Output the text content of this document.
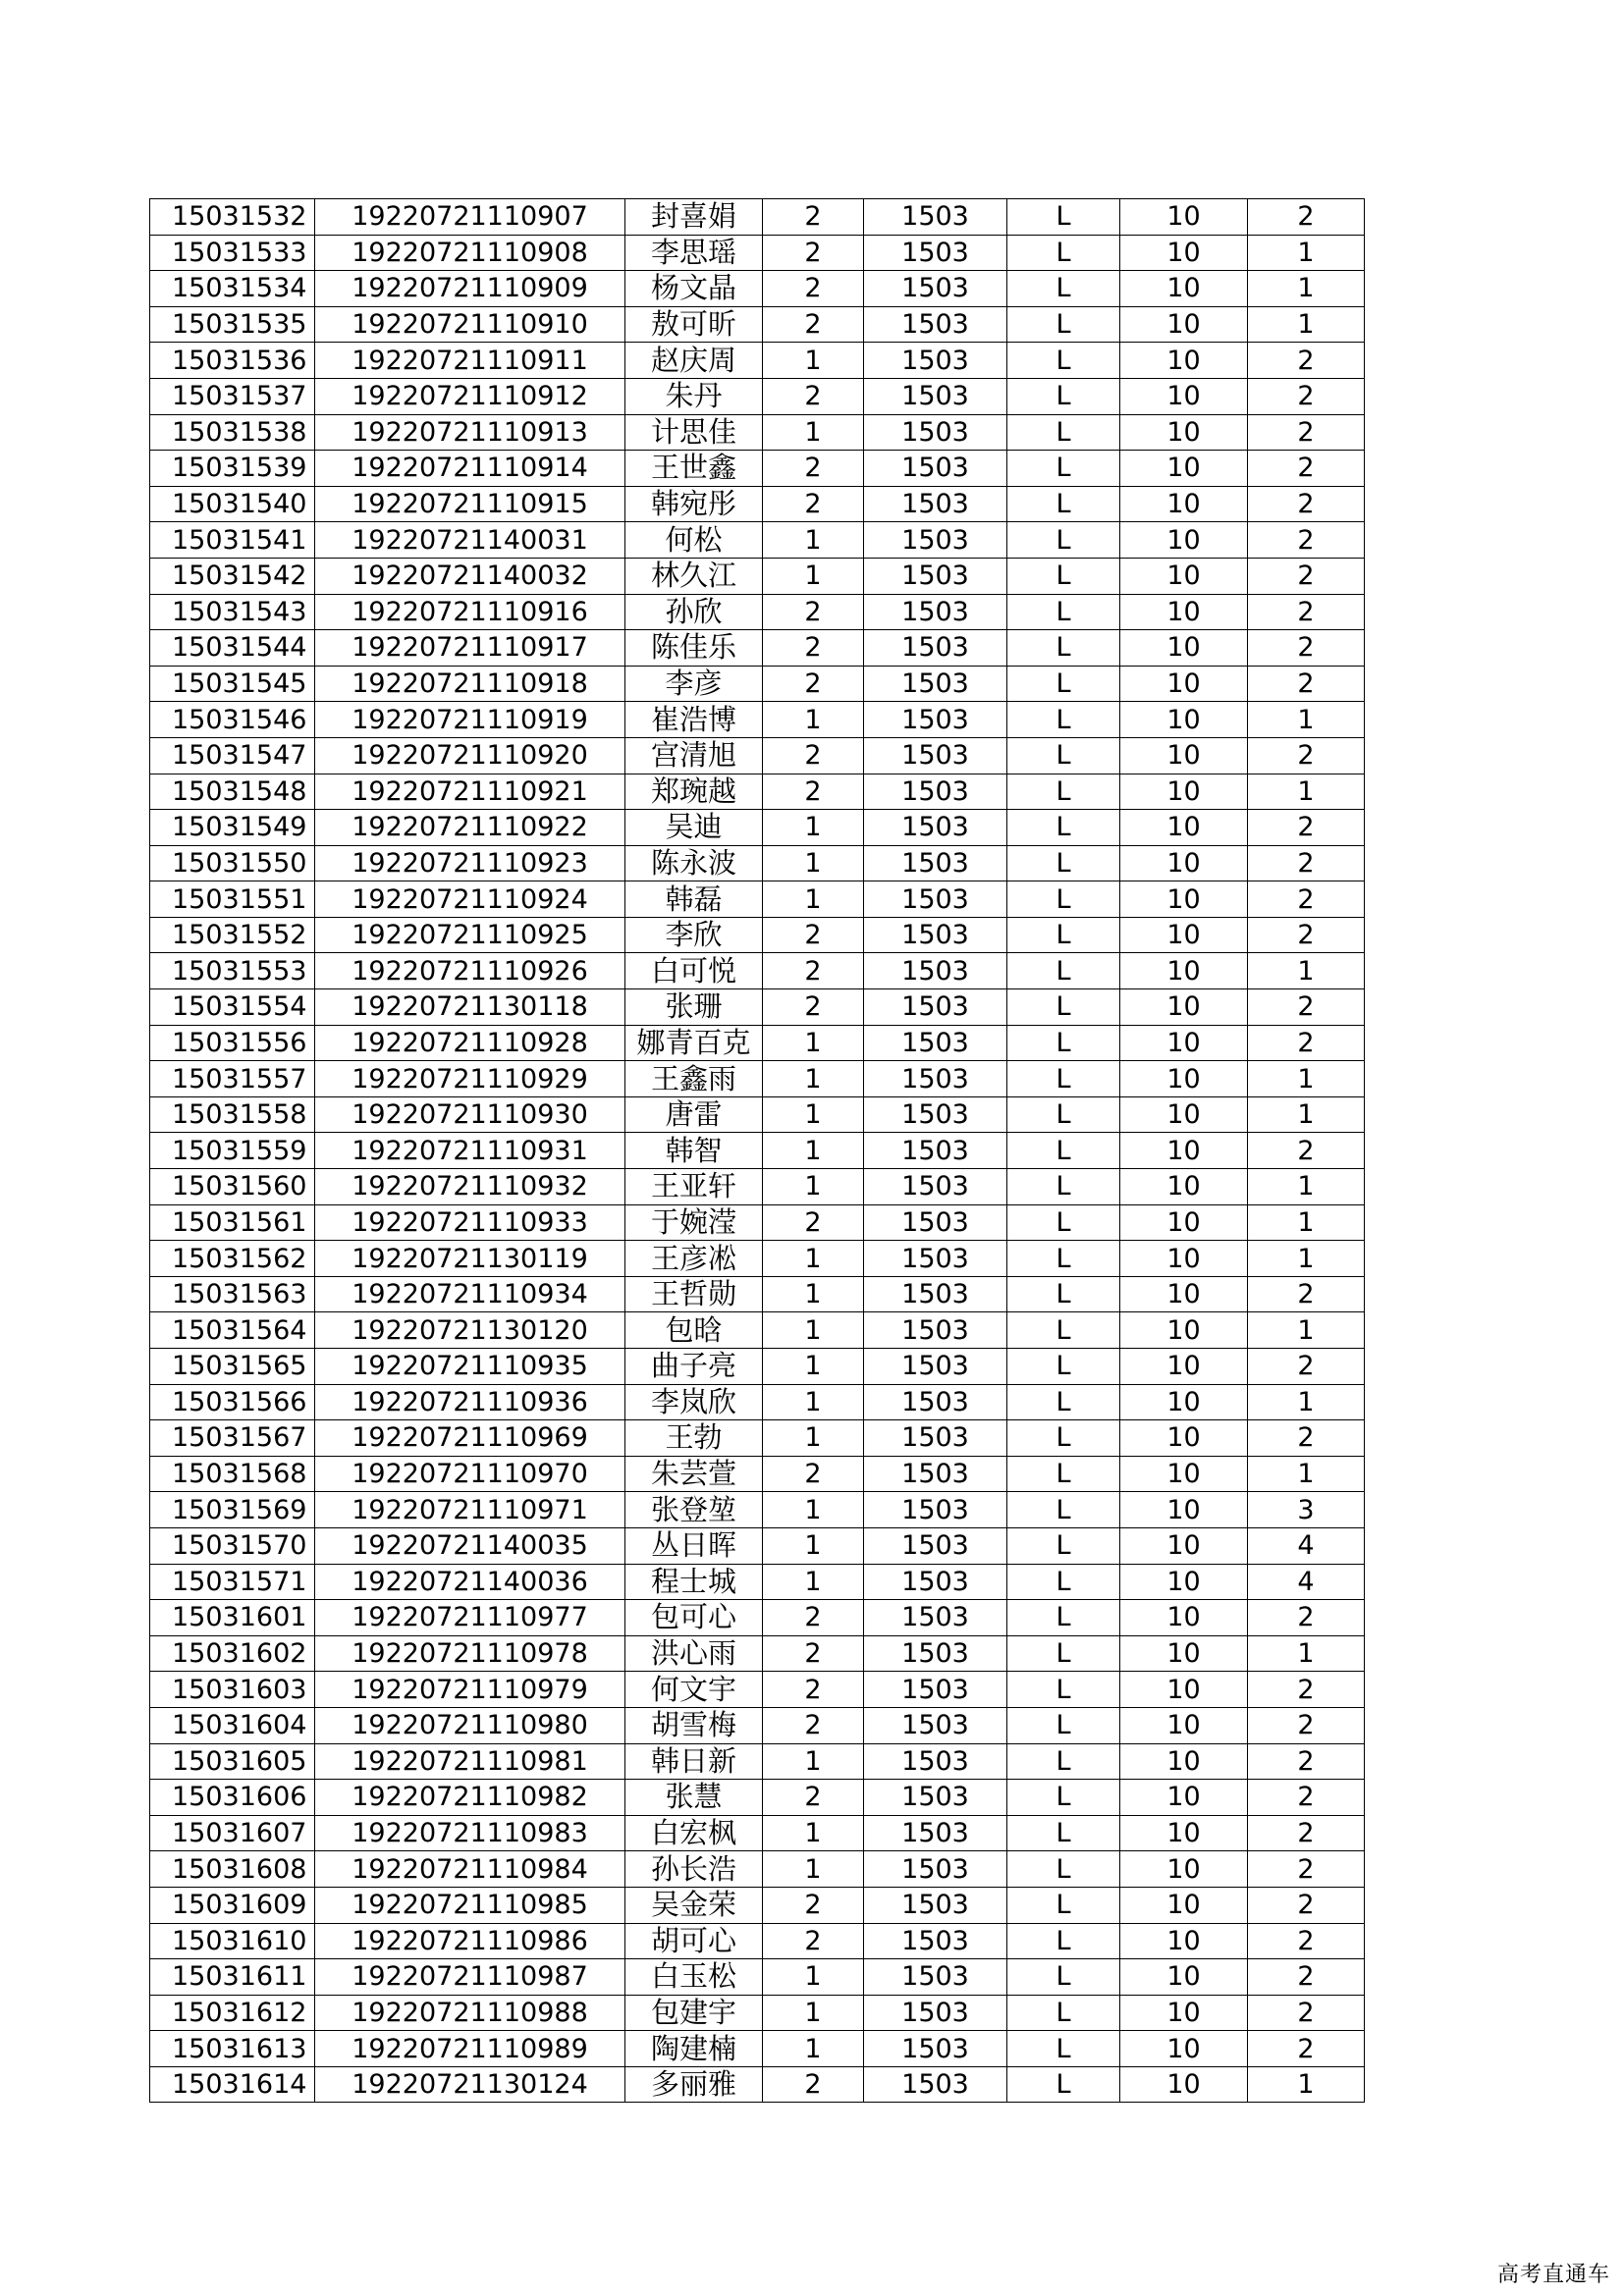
15031532	19220721110907	封喜娟	2	1503	L	10	2
15031533	19220721110908	李思瑶	2	1503	L	10	1
15031534	19220721110909	杨文晶	2	1503	L	10	1
15031535	19220721110910	敖可昕	2	1503	L	10	1
15031536	19220721110911	赵庆周	1	1503	L	10	2
15031537	19220721110912	朱丹	2	1503	L	10	2
15031538	19220721110913	计思佳	1	1503	L	10	2
15031539	19220721110914	王世鑫	2	1503	L	10	2
15031540	19220721110915	韩宛彤	2	1503	L	10	2
15031541	19220721140031	何松	1	1503	L	10	2
15031542	19220721140032	林久江	1	1503	L	10	2
15031543	19220721110916	孙欣	2	1503	L	10	2
15031544	19220721110917	陈佳乐	2	1503	L	10	2
15031545	19220721110918	李彦	2	1503	L	10	2
15031546	19220721110919	崔浩博	1	1503	L	10	1
15031547	19220721110920	宫清旭	2	1503	L	10	2
15031548	19220721110921	郑琬越	2	1503	L	10	1
15031549	19220721110922	吴迪	1	1503	L	10	2
15031550	19220721110923	陈永波	1	1503	L	10	2
15031551	19220721110924	韩磊	1	1503	L	10	2
15031552	19220721110925	李欣	2	1503	L	10	2
15031553	19220721110926	白可悦	2	1503	L	10	1
15031554	19220721130118	张珊	2	1503	L	10	2
15031556	19220721110928	娜青百克	1	1503	L	10	2
15031557	19220721110929	王鑫雨	1	1503	L	10	1
15031558	19220721110930	唐雷	1	1503	L	10	1
15031559	19220721110931	韩智	1	1503	L	10	2
15031560	19220721110932	王亚轩	1	1503	L	10	1
15031561	19220721110933	于婉滢	2	1503	L	10	1
15031562	19220721130119	王彦凇	1	1503	L	10	1
15031563	19220721110934	王哲勋	1	1503	L	10	2
15031564	19220721130120	包晗	1	1503	L	10	1
15031565	19220721110935	曲子亮	1	1503	L	10	2
15031566	19220721110936	李岚欣	1	1503	L	10	1
15031567	19220721110969	王勃	1	1503	L	10	2
15031568	19220721110970	朱芸萱	2	1503	L	10	1
15031569	19220721110971	张登堃	1	1503	L	10	3
15031570	19220721140035	丛日晖	1	1503	L	10	4
15031571	19220721140036	程士城	1	1503	L	10	4
15031601	19220721110977	包可心	2	1503	L	10	2
15031602	19220721110978	洪心雨	2	1503	L	10	1
15031603	19220721110979	何文宇	2	1503	L	10	2
15031604	19220721110980	胡雪梅	2	1503	L	10	2
15031605	19220721110981	韩日新	1	1503	L	10	2
15031606	19220721110982	张慧	2	1503	L	10	2
15031607	19220721110983	白宏枫	1	1503	L	10	2
15031608	19220721110984	孙长浩	1	1503	L	10	2
15031609	19220721110985	吴金荣	2	1503	L	10	2
15031610	19220721110986	胡可心	2	1503	L	10	2
15031611	19220721110987	白玉松	1	1503	L	10	2
15031612	19220721110988	包建宇	1	1503	L	10	2
15031613	19220721110989	陶建楠	1	1503	L	10	2
15031614	19220721130124	多丽雅	2	1503	L	10	1
高考直通车
